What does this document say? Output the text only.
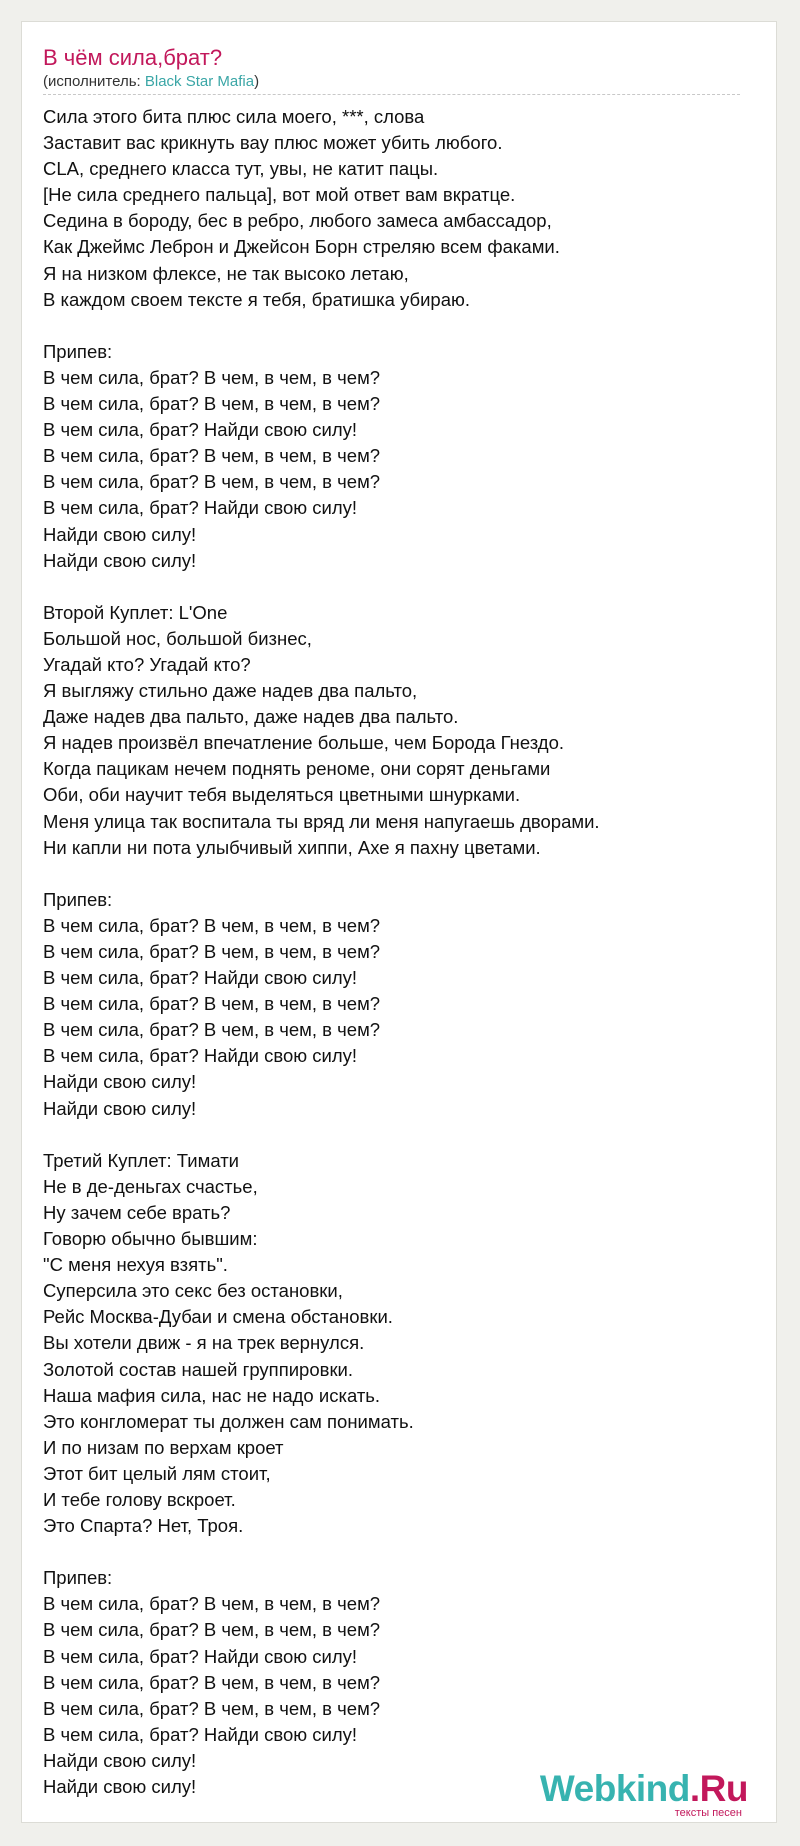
В чём сила,брат?
(исполнитель: Black Star Mafia)
Сила этого бита плюс сила моего, ***, слова
Заставит вас крикнуть вау плюс может убить любого.
CLA, среднего класса тут, увы, не катит пацы.
[Не сила среднего пальца], вот мой ответ вам вкратце.
Седина в бороду, бес в ребро, любого замеса амбассадор,
Как Джеймс Леброн и Джейсон Борн стреляю всем факами.
Я на низком флексе, не так высоко летаю,
В каждом своем тексте я тебя, братишка убираю.
Припев:
В чем сила, брат? В чем, в чем, в чем?
В чем сила, брат? В чем, в чем, в чем?
В чем сила, брат? Найди свою силу!
В чем сила, брат? В чем, в чем, в чем?
В чем сила, брат? В чем, в чем, в чем?
В чем сила, брат? Найди свою силу!
Найди свою силу!
Найди свою силу!
Второй Куплет: L'One
Большой нос, большой бизнес,
Угадай кто? Угадай кто?
Я выгляжу стильно даже надев два пальто,
Даже надев два пальто, даже надев два пальто.
Я надев произвёл впечатление больше, чем Борода Гнездо.
Когда пацикам нечем поднять реноме, они сорят деньгами
Оби, оби научит тебя выделяться цветными шнурками.
Меня улица так воспитала ты вряд ли меня напугаешь дворами.
Ни капли ни пота улыбчивый хиппи, Ахе я пахну цветами.
Припев:
В чем сила, брат? В чем, в чем, в чем?
В чем сила, брат? В чем, в чем, в чем?
В чем сила, брат? Найди свою силу!
В чем сила, брат? В чем, в чем, в чем?
В чем сила, брат? В чем, в чем, в чем?
В чем сила, брат? Найди свою силу!
Найди свою силу!
Найди свою силу!
Третий Куплет: Тимати
Не в де-деньгах счастье,
Ну зачем себе врать?
Говорю обычно бывшим:
"С меня нехуя взять".
Суперсила это секс без остановки,
Рейс Москва-Дубаи и смена обстановки.
Вы хотели движ - я на трек вернулся.
Золотой состав нашей группировки.
Наша мафия сила, нас не надо искать.
Это конгломерат ты должен сам понимать.
И по низам по верхам кроет
Этот бит целый лям стоит,
И тебе голову вскроет.
Это Спарта? Нет, Троя.
Припев:
В чем сила, брат? В чем, в чем, в чем?
В чем сила, брат? В чем, в чем, в чем?
В чем сила, брат? Найди свою силу!
В чем сила, брат? В чем, в чем, в чем?
В чем сила, брат? В чем, в чем, в чем?
В чем сила, брат? Найди свою силу!
Найди свою силу!
Найди свою силу!	Webkind.Ru
тексты песен
